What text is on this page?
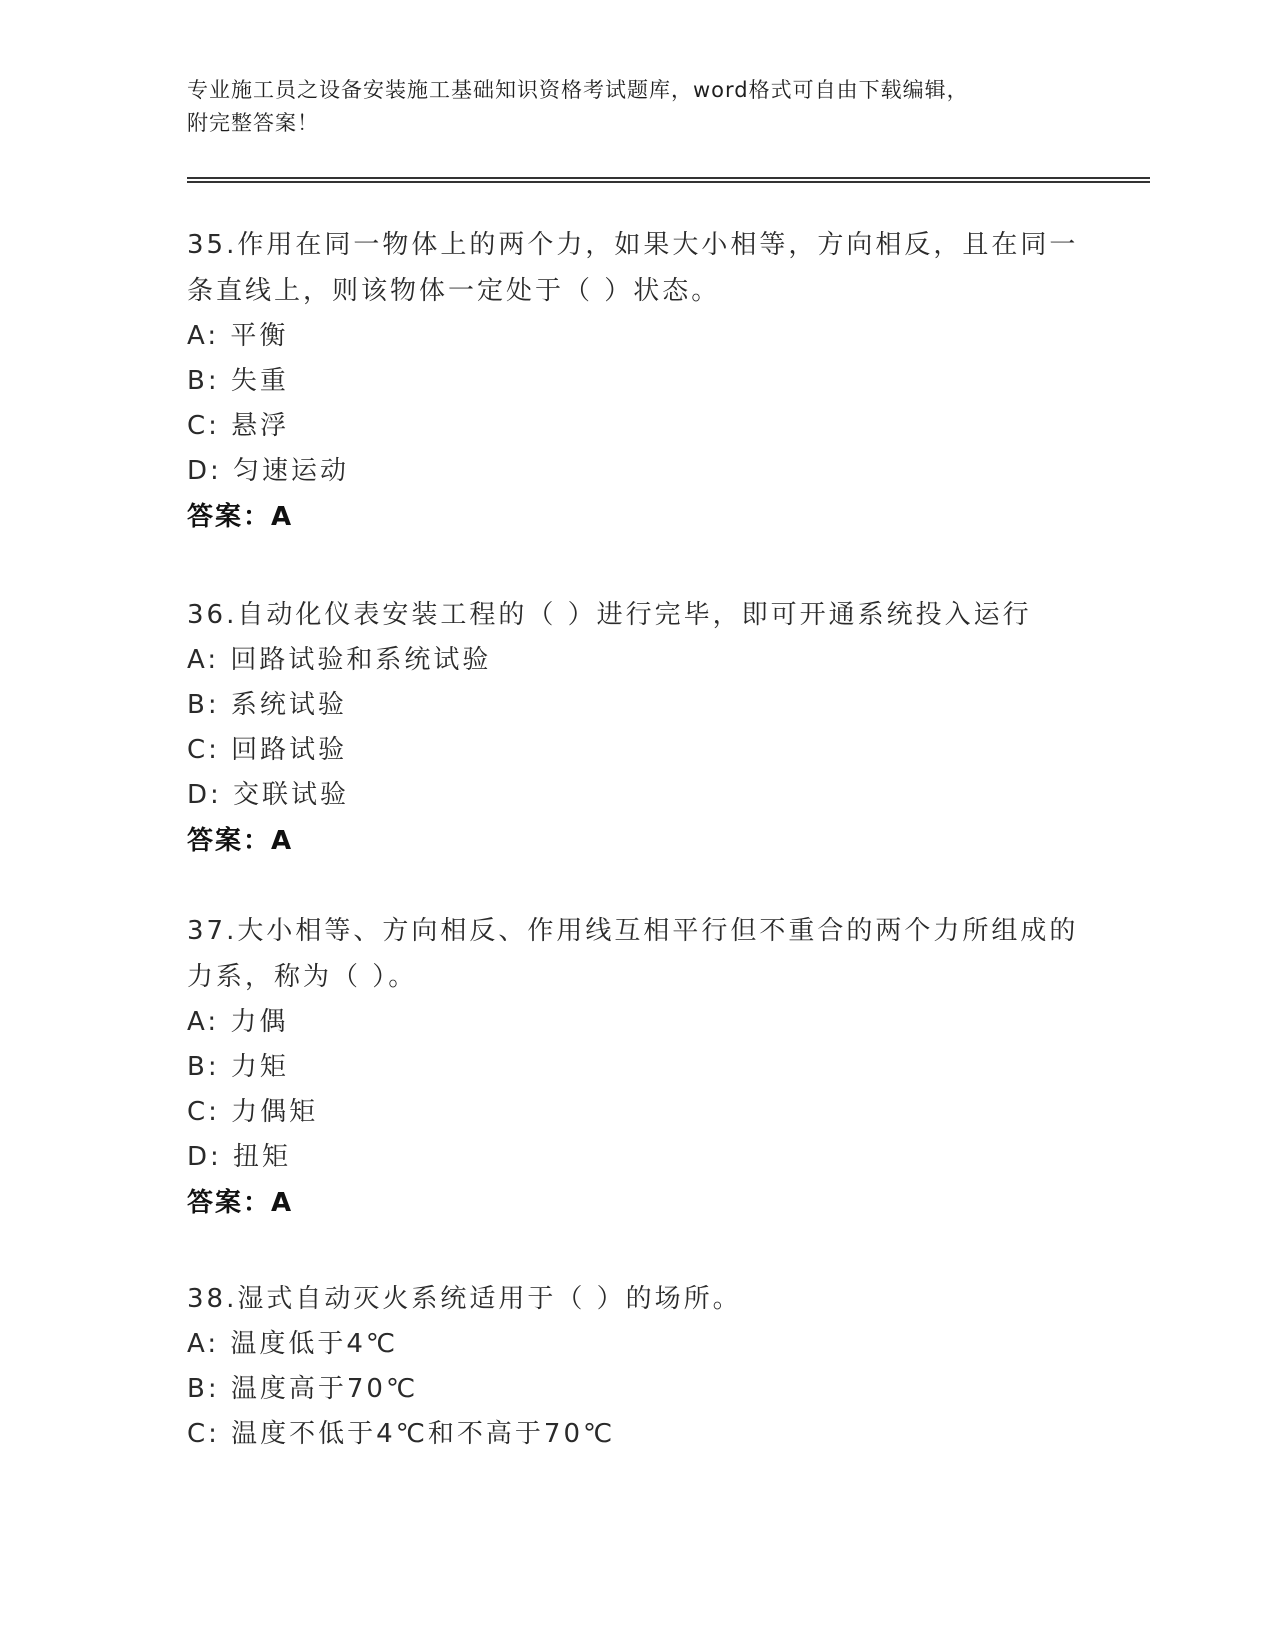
专业施工员之设备安装施工基础知识资格考试题库，word格式可自由下载编辑，
附完整答案！

35.作用在同一物体上的两个力，如果大小相等，方向相反，且在同一

条直线上，则该物体一定处于（ ）状态。

A: 平衡

B: 失重

C: 悬浮

D: 匀速运动

答案：A

36.自动化仪表安装工程的（ ）进行完毕，即可开通系统投入运行

A: 回路试验和系统试验

B: 系统试验

C: 回路试验

D: 交联试验

答案：A

37.大小相等、方向相反、作用线互相平行但不重合的两个力所组成的

力系，称为（ ）。

A: 力偶

B: 力矩

C: 力偶矩

D: 扭矩

答案：A

38.湿式自动灭火系统适用于（ ）的场所。

A: 温度低于4℃

B: 温度高于70℃

C: 温度不低于4℃和不高于70℃
